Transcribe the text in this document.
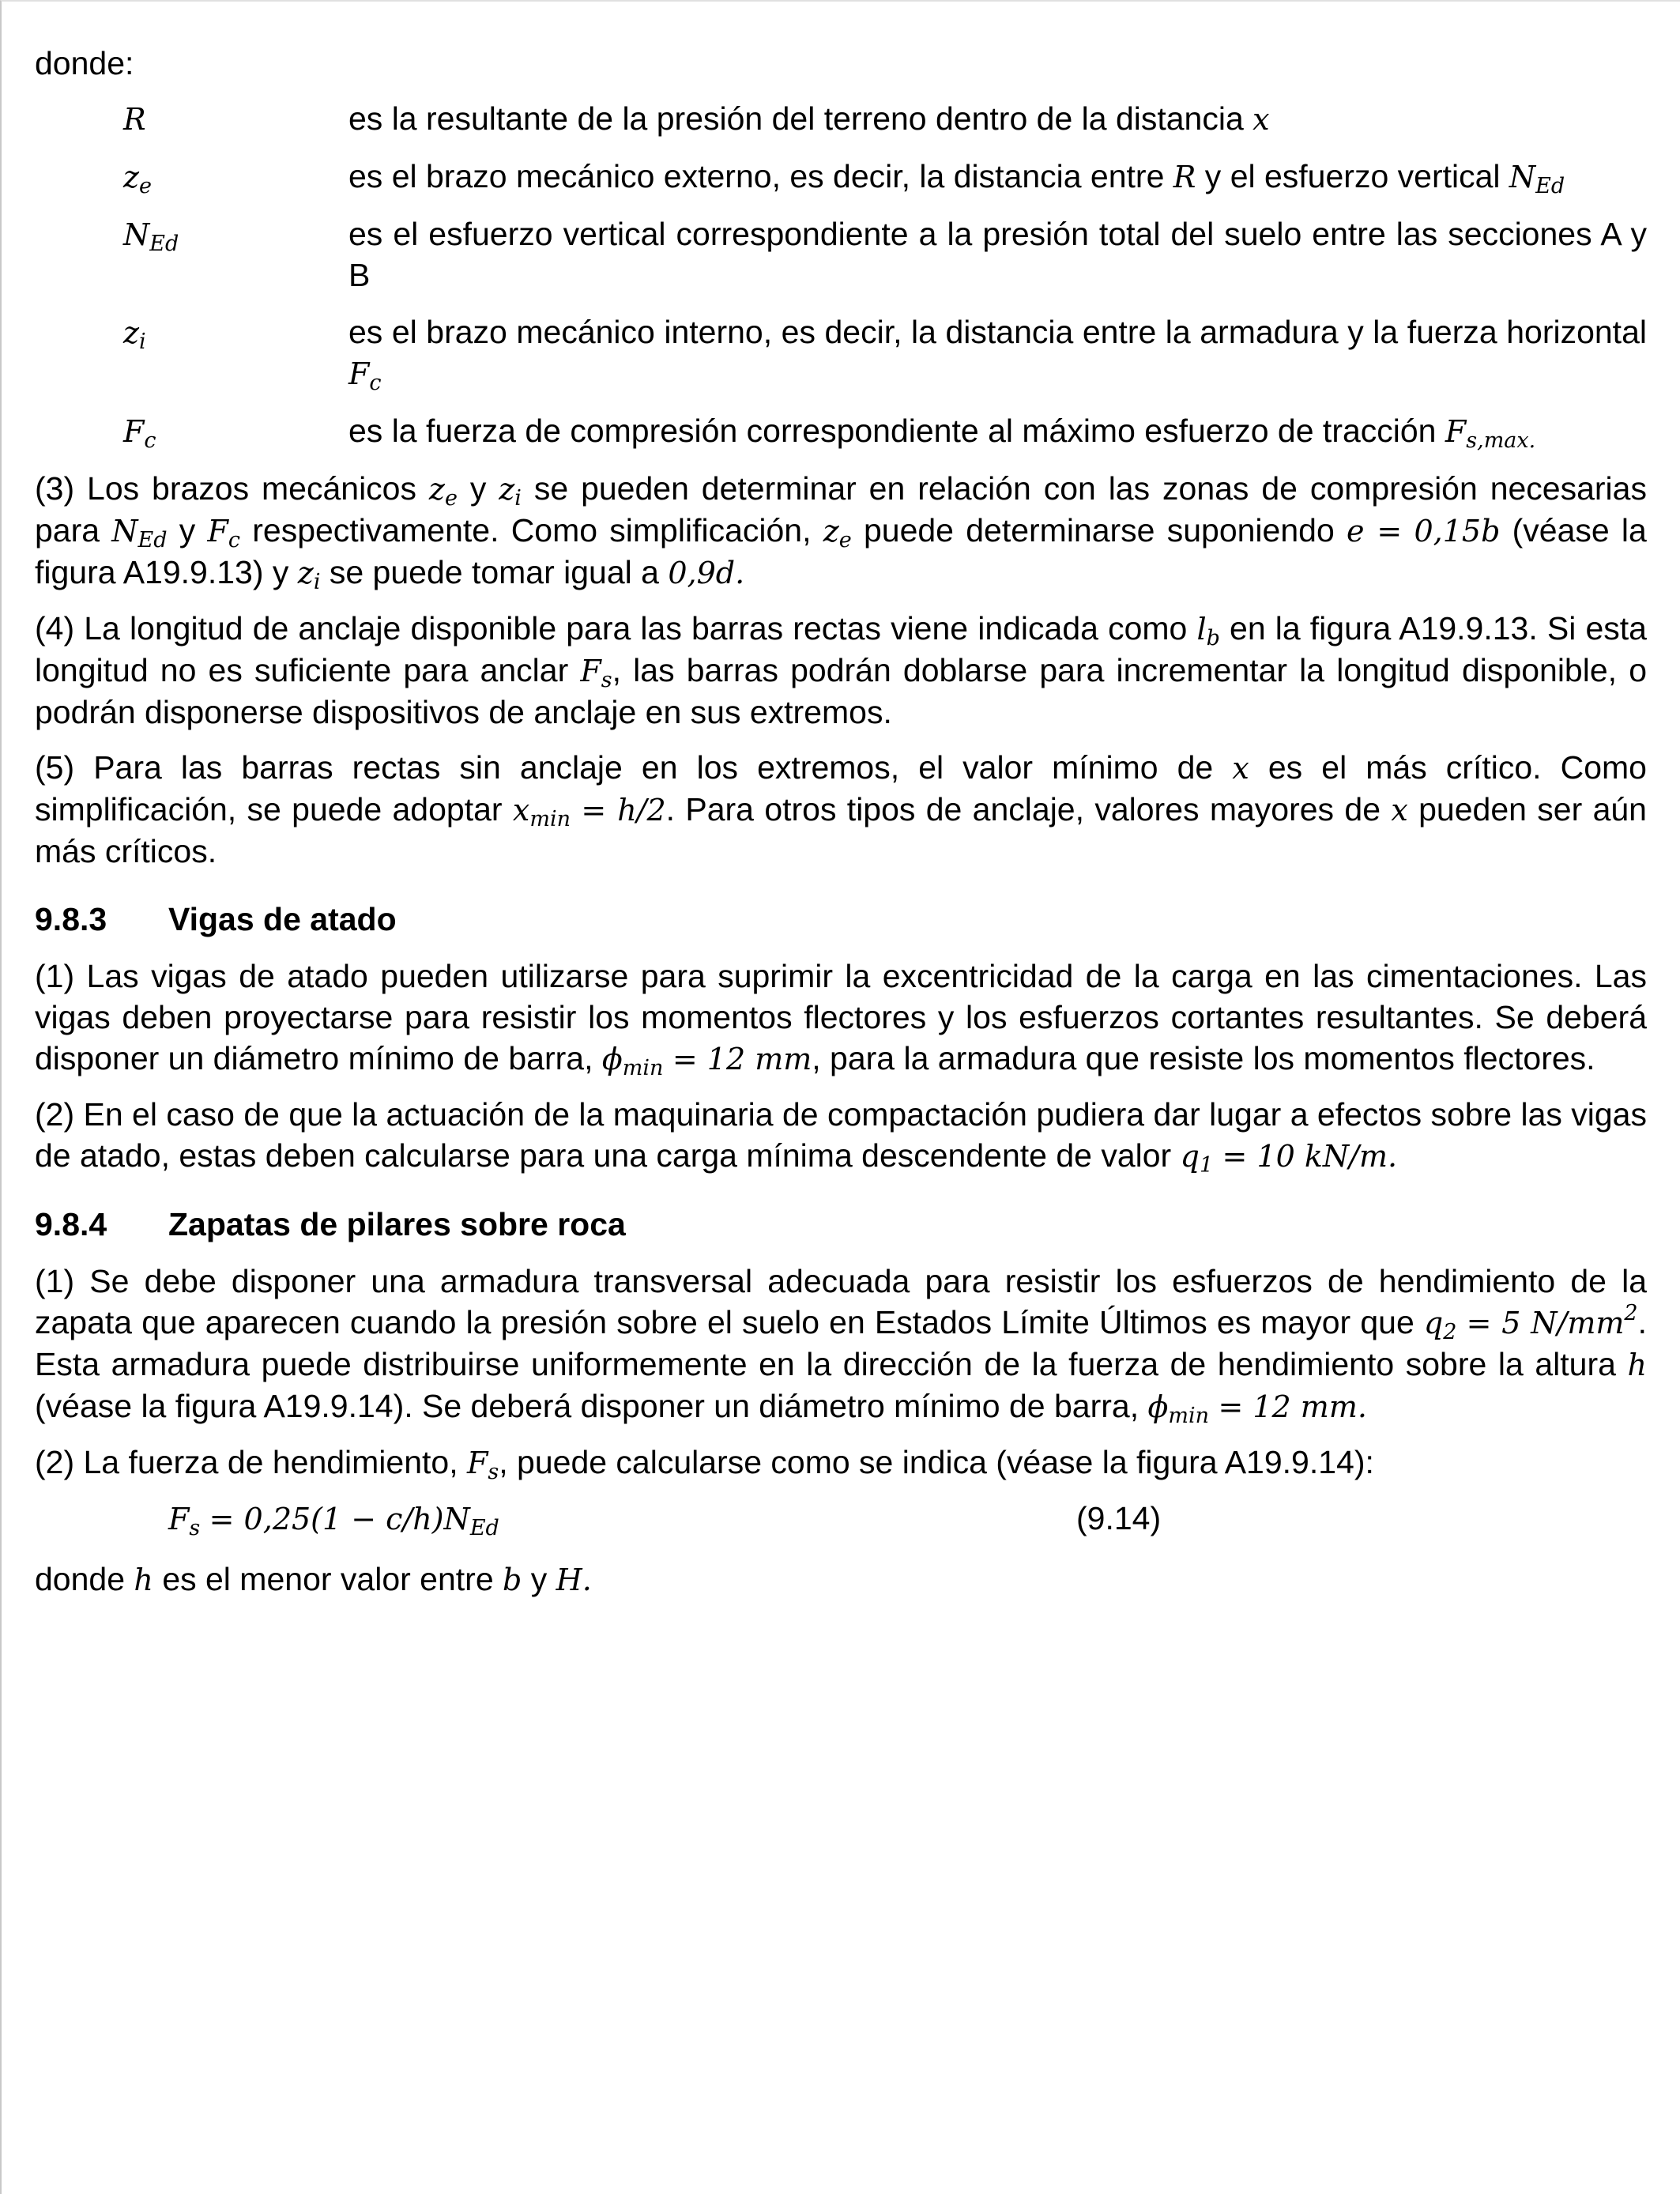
donde:

R	es la resultante de la presión del terreno dentro de la distancia x
$z_e$	es el brazo mecánico externo, es decir, la distancia entre R y el esfuerzo vertical $N_{Ed}$
$N_{Ed}$	es el esfuerzo vertical correspondiente a la presión total del suelo entre las secciones A y B
$z_i$	es el brazo mecánico interno, es decir, la distancia entre la armadura y la fuerza horizontal $F_c$
$F_c$	es la fuerza de compresión correspondiente al máximo esfuerzo de tracción $F_{s,max.}$

(3) Los brazos mecánicos $z_e$ y $z_i$ se pueden determinar en relación con las zonas de compresión necesarias para $N_{Ed}$ y $F_c$ respectivamente. Como simplificación, $z_e$ puede determinarse suponiendo e = 0,15b (véase la figura A19.9.13) y $z_i$ se puede tomar igual a 0,9d.

(4) La longitud de anclaje disponible para las barras rectas viene indicada como $l_b$ en la figura A19.9.13. Si esta longitud no es suficiente para anclar $F_s$, las barras podrán doblarse para incrementar la longitud disponible, o podrán disponerse dispositivos de anclaje en sus extremos.

(5) Para las barras rectas sin anclaje en los extremos, el valor mínimo de x es el más crítico. Como simplificación, se puede adoptar $x_{min} = h/2$. Para otros tipos de anclaje, valores mayores de x pueden ser aún más críticos.

9.8.3	Vigas de atado

(1) Las vigas de atado pueden utilizarse para suprimir la excentricidad de la carga en las cimentaciones. Las vigas deben proyectarse para resistir los momentos flectores y los esfuerzos cortantes resultantes. Se deberá disponer un diámetro mínimo de barra, $\phi_{min} = 12$ mm, para la armadura que resiste los momentos flectores.

(2) En el caso de que la actuación de la maquinaria de compactación pudiera dar lugar a efectos sobre las vigas de atado, estas deben calcularse para una carga mínima descendente de valor $q_1 = 10$ kN/m.

9.8.4	Zapatas de pilares sobre roca

(1) Se debe disponer una armadura transversal adecuada para resistir los esfuerzos de hendimiento de la zapata que aparecen cuando la presión sobre el suelo en Estados Límite Últimos es mayor que $q_2 = 5$ $N/mm^2$. Esta armadura puede distribuirse uniformemente en la dirección de la fuerza de hendimiento sobre la altura h (véase la figura A19.9.14). Se deberá disponer un diámetro mínimo de barra, $\phi_{min} = 12$ mm.

(2) La fuerza de hendimiento, $F_s$, puede calcularse como se indica (véase la figura A19.9.14):

$F_s = 0,25(1 - c/h)N_{Ed}$	(9.14)

donde h es el menor valor entre b y H.
